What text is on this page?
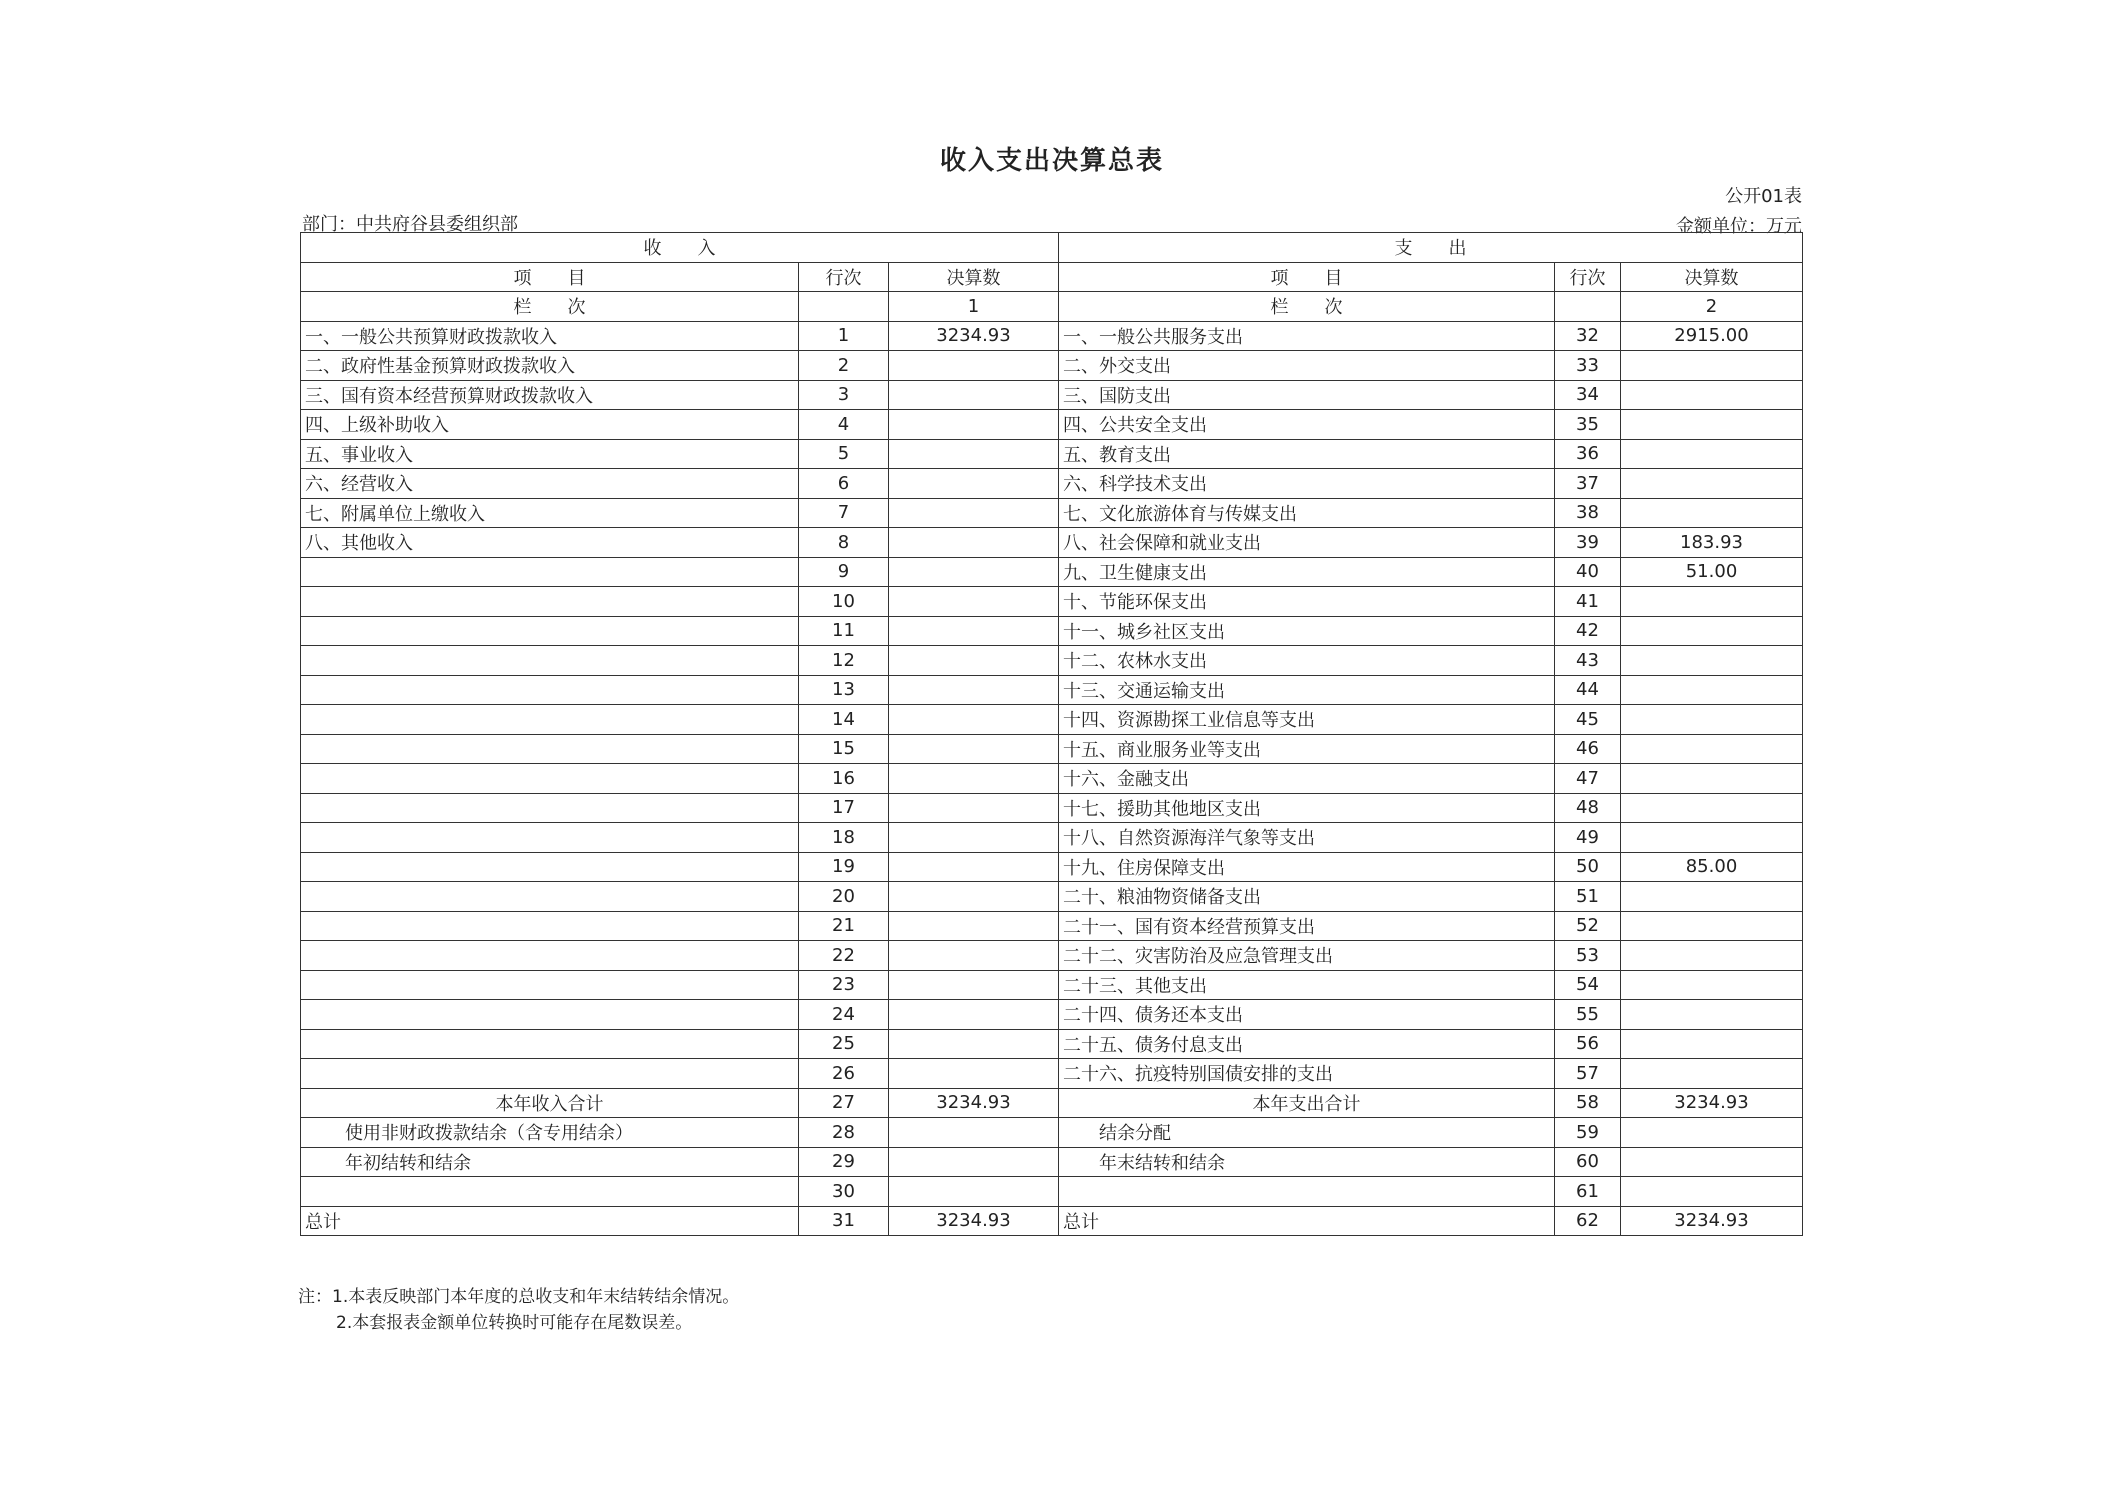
收入支出决算总表
公开01表
部门：中共府谷县委组织部	金额单位：万元
收　　入			支　　出		
项　　目	行次	决算数	项　　目	行次	决算数
栏　　次		1	栏　　次		2
一、一般公共预算财政拨款收入	1	3234.93	一、一般公共服务支出	32	2915.00
二、政府性基金预算财政拨款收入	2		二、外交支出	33	
三、国有资本经营预算财政拨款收入	3		三、国防支出	34	
四、上级补助收入	4		四、公共安全支出	35	
五、事业收入	5		五、教育支出	36	
六、经营收入	6		六、科学技术支出	37	
七、附属单位上缴收入	7		七、文化旅游体育与传媒支出	38	
八、其他收入	8		八、社会保障和就业支出	39	183.93
	9		九、卫生健康支出	40	51.00
	10		十、节能环保支出	41	
	11		十一、城乡社区支出	42	
	12		十二、农林水支出	43	
	13		十三、交通运输支出	44	
	14		十四、资源勘探工业信息等支出	45	
	15		十五、商业服务业等支出	46	
	16		十六、金融支出	47	
	17		十七、援助其他地区支出	48	
	18		十八、自然资源海洋气象等支出	49	
	19		十九、住房保障支出	50	85.00
	20		二十、粮油物资储备支出	51	
	21		二十一、国有资本经营预算支出	52	
	22		二十二、灾害防治及应急管理支出	53	
	23		二十三、其他支出	54	
	24		二十四、债务还本支出	55	
	25		二十五、债务付息支出	56	
	26		二十六、抗疫特别国债安排的支出	57	
本年收入合计	27	3234.93	本年支出合计	58	3234.93
使用非财政拨款结余（含专用结余）	28		结余分配	59	
年初结转和结余	29		年末结转和结余	60	
	30			61	
总计	31	3234.93	总计	62	3234.93
注：1.本表反映部门本年度的总收支和年末结转结余情况。
2.本套报表金额单位转换时可能存在尾数误差。
